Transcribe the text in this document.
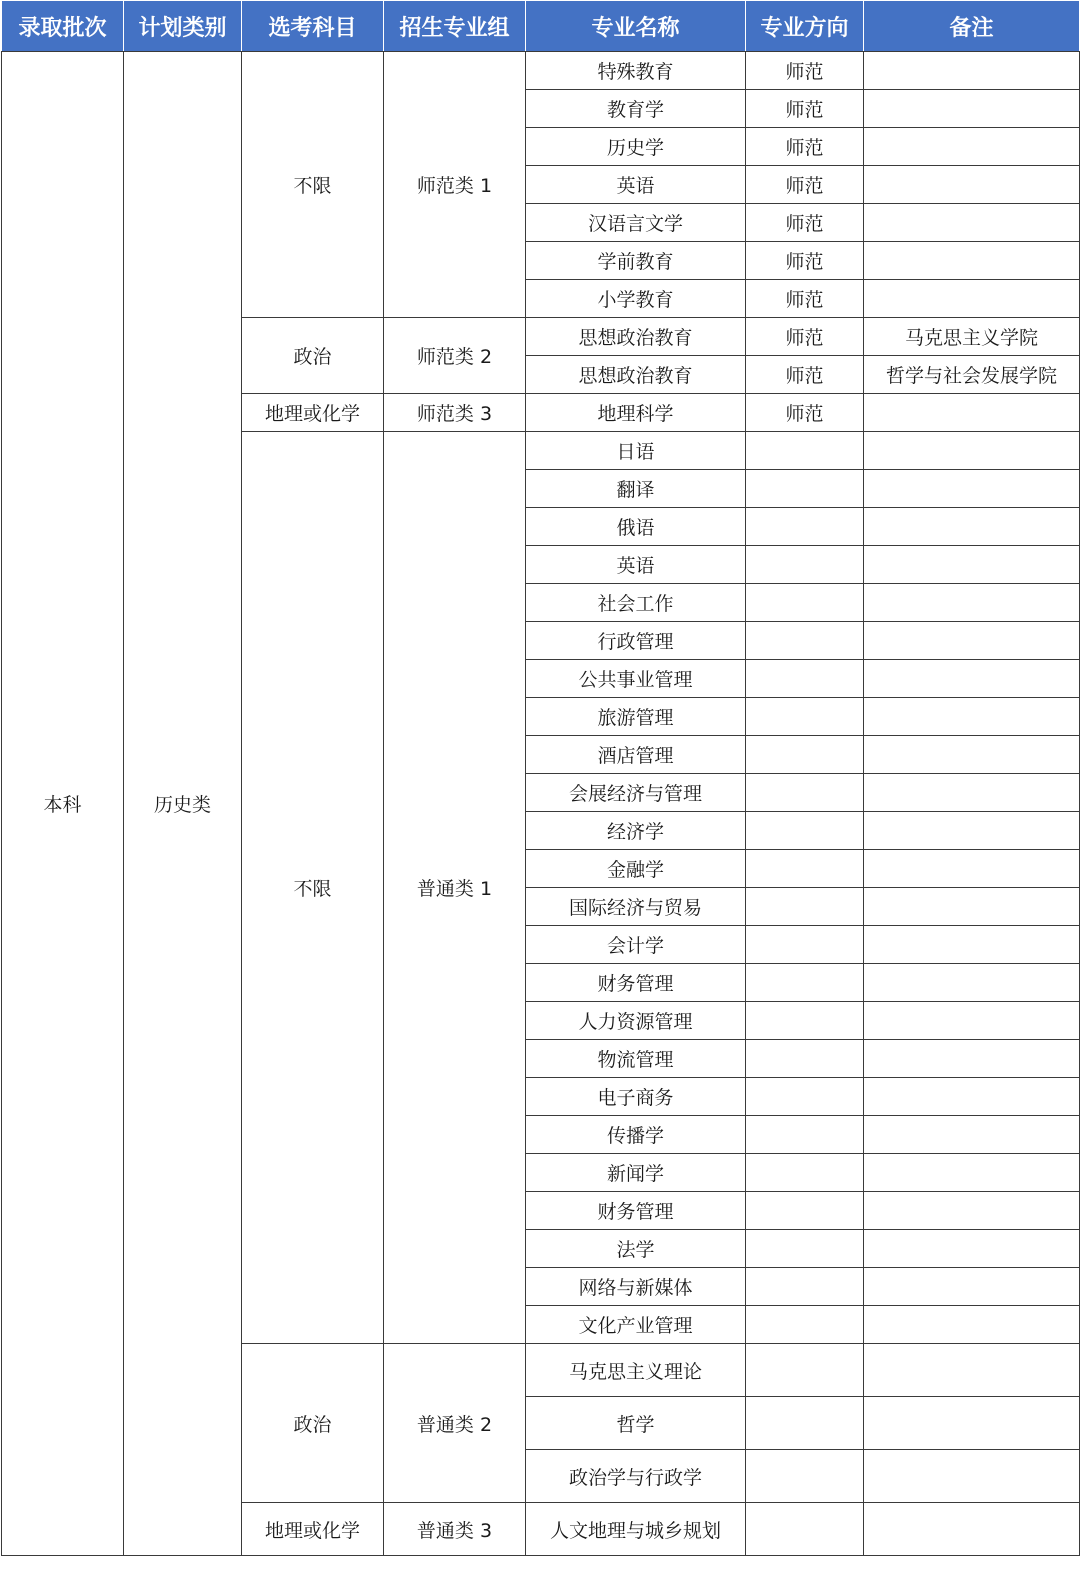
录取批次	计划类别	选考科目	招生专业组	专业名称	专业方向	备注
本科	历史类	不限	师范类 1	特殊教育	师范	
				教育学	师范	
				历史学	师范	
				英语	师范	
				汉语言文学	师范	
				学前教育	师范	
				小学教育	师范	
		政治	师范类 2	思想政治教育	师范	马克思主义学院
				思想政治教育	师范	哲学与社会发展学院
		地理或化学	师范类 3	地理科学	师范	
		不限	普通类 1	日语		
				翻译		
				俄语		
				英语		
				社会工作		
				行政管理		
				公共事业管理		
				旅游管理		
				酒店管理		
				会展经济与管理		
				经济学		
				金融学		
				国际经济与贸易		
				会计学		
				财务管理		
				人力资源管理		
				物流管理		
				电子商务		
				传播学		
				新闻学		
				财务管理		
				法学		
				网络与新媒体		
				文化产业管理		
		政治	普通类 2	马克思主义理论		
				哲学		
				政治学与行政学		
		地理或化学	普通类 3	人文地理与城乡规划		
